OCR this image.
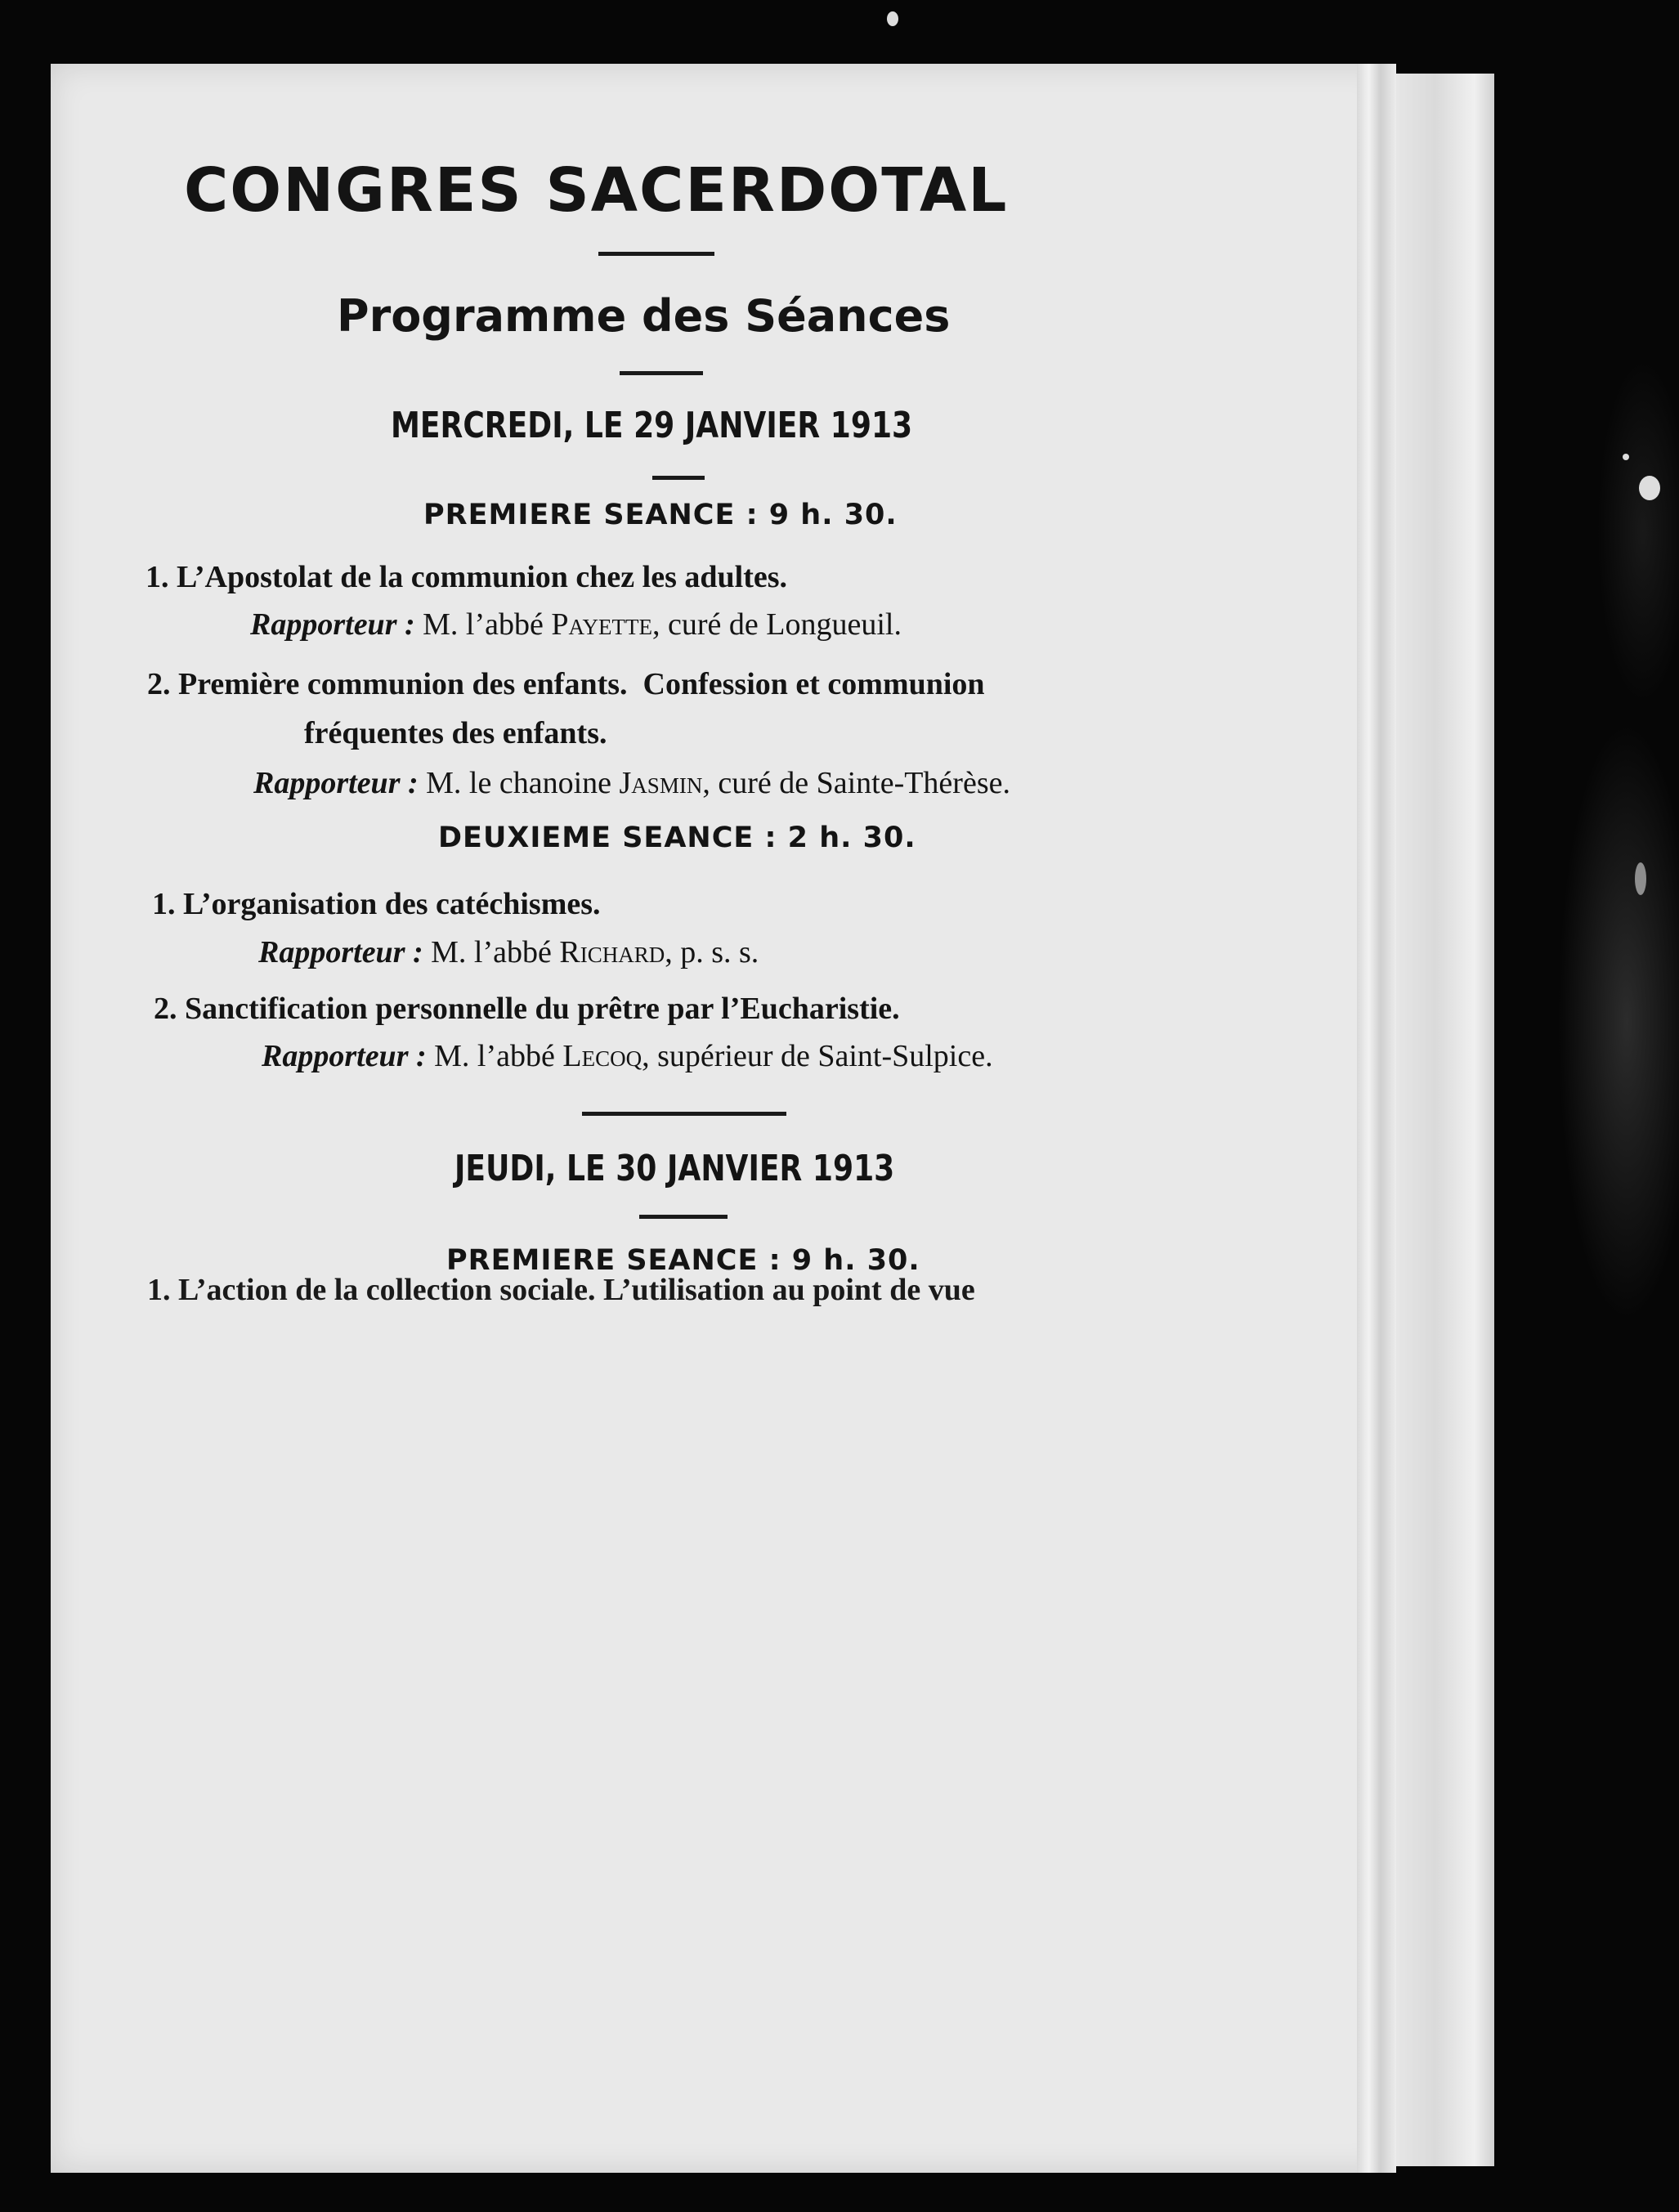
CONGRES SACERDOTAL
Programme des Séances
MERCREDI, LE 29 JANVIER 1913
PREMIERE SEANCE : 9 h. 30.
1. L’Apostolat de la communion chez les adultes.
Rapporteur : M. l’abbé Payette, curé de Longueuil.
2. Première communion des enfants.  Confession et communion
fréquentes des enfants.
Rapporteur : M. le chanoine Jasmin, curé de Sainte-Thérèse.
DEUXIEME SEANCE : 2 h. 30.
1. L’organisation des catéchismes.
Rapporteur : M. l’abbé Richard, p. s. s.
2. Sanctification personnelle du prêtre par l’Eucharistie.
Rapporteur : M. l’abbé Lecoq, supérieur de Saint-Sulpice.
JEUDI, LE 30 JANVIER 1913
PREMIERE SEANCE : 9 h. 30.
1. L’action de la collection sociale. L’utilisation au point de vue
